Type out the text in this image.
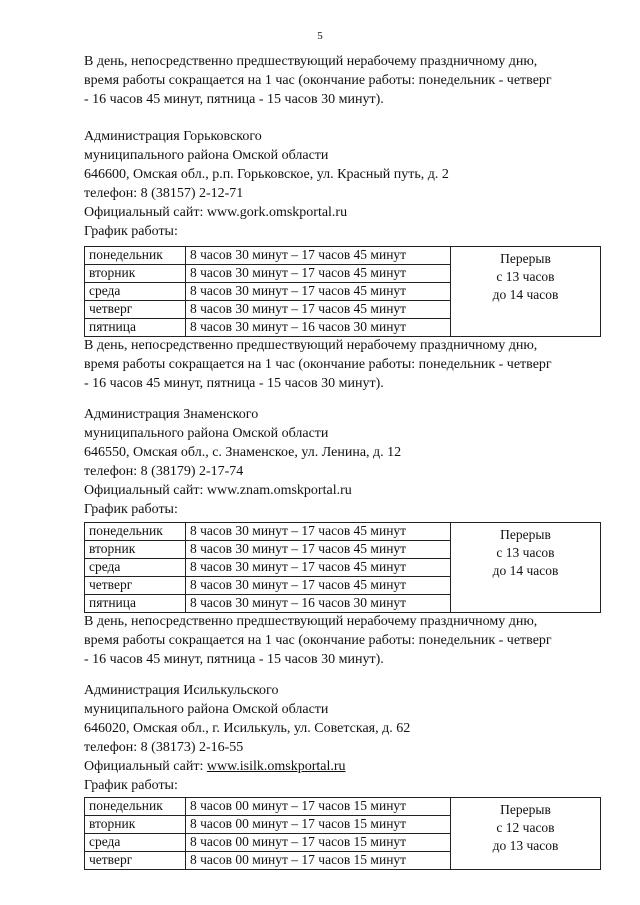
5

В день, непосредственно предшествующий нерабочему праздничному дню,
время работы сокращается на 1 час (окончание работы: понедельник - четверг
- 16 часов 45 минут, пятница - 15 часов 30 минут).

Администрация Горьковского
муниципального района Омской области
646600, Омская обл., р.п. Горьковское, ул. Красный путь, д. 2
телефон: 8 (38157) 2-12-71
Официальный сайт: www.gork.omskportal.ru
График работы:
понедельник	8 часов 30 минут – 17 часов 45 минут	Перерыв
с 13 часов
до 14 часов

вторник	8 часов 30 минут – 17 часов 45 минут	
среда	8 часов 30 минут – 17 часов 45 минут	
четверг	8 часов 30 минут – 17 часов 45 минут	
пятница	8 часов 30 минут – 16 часов 30 минут	

В день, непосредственно предшествующий нерабочему праздничному дню,
время работы сокращается на 1 час (окончание работы: понедельник - четверг
- 16 часов 45 минут, пятница - 15 часов 30 минут).

Администрация Знаменского
муниципального района Омской области
646550, Омская обл., с. Знаменское, ул. Ленина, д. 12
телефон: 8 (38179) 2-17-74
Официальный сайт: www.znam.omskportal.ru
График работы:
понедельник	8 часов 30 минут – 17 часов 45 минут	Перерыв
с 13 часов
до 14 часов

вторник	8 часов 30 минут – 17 часов 45 минут	
среда	8 часов 30 минут – 17 часов 45 минут	
четверг	8 часов 30 минут – 17 часов 45 минут	
пятница	8 часов 30 минут – 16 часов 30 минут	

В день, непосредственно предшествующий нерабочему праздничному дню,
время работы сокращается на 1 час (окончание работы: понедельник - четверг
- 16 часов 45 минут, пятница - 15 часов 30 минут).

Администрация Исилькульского
муниципального района Омской области
646020, Омская обл., г. Исилькуль, ул. Советская, д. 62
телефон: 8 (38173) 2-16-55
Официальный сайт: www.isilk.omskportal.ru
График работы:
понедельник	8 часов 00 минут – 17 часов 15 минут	Перерыв
с 12 часов
до 13 часов

вторник	8 часов 00 минут – 17 часов 15 минут	
среда	8 часов 00 минут – 17 часов 15 минут	
четверг	8 часов 00 минут – 17 часов 15 минут	
